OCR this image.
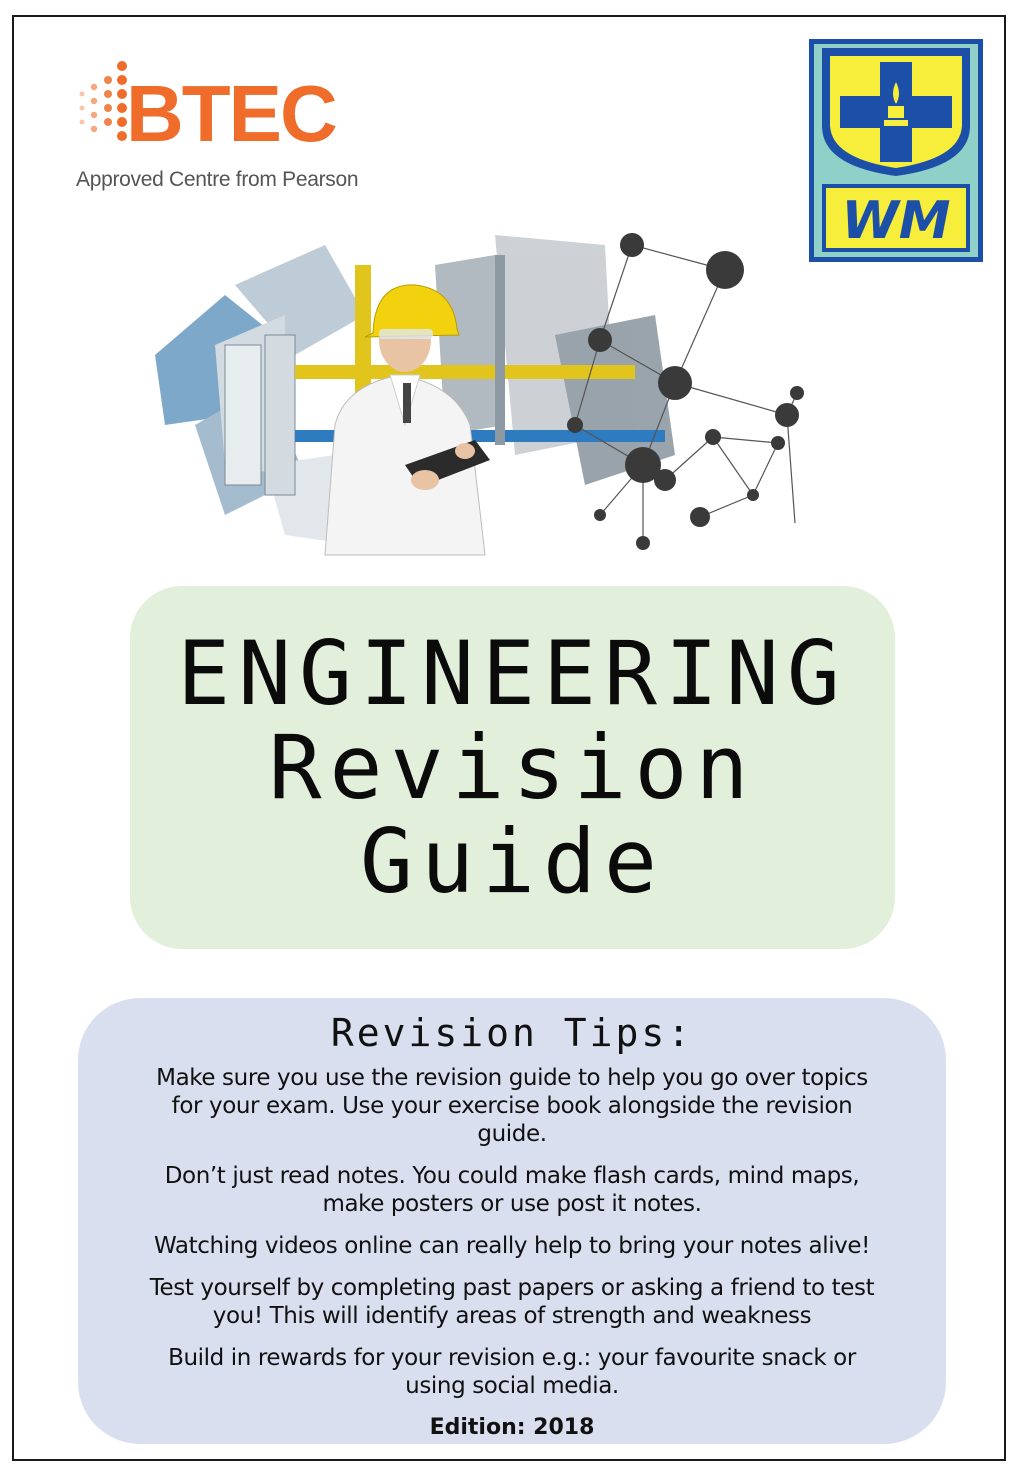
BTEC
Approved Centre from Pearson
WM
ENGINEERING
Revision
Guide
Revision Tips:

Make sure you use the revision guide to help you go over topics for your exam. Use your exercise book alongside the revision guide.

Don’t just read notes. You could make flash cards, mind maps, make posters or use post it notes.

Watching videos online can really help to bring your notes alive!

Test yourself by completing past papers or asking a friend to test you! This will identify areas of strength and weakness

Build in rewards for your revision e.g.: your favourite snack or using social media.

Edition: 2018
